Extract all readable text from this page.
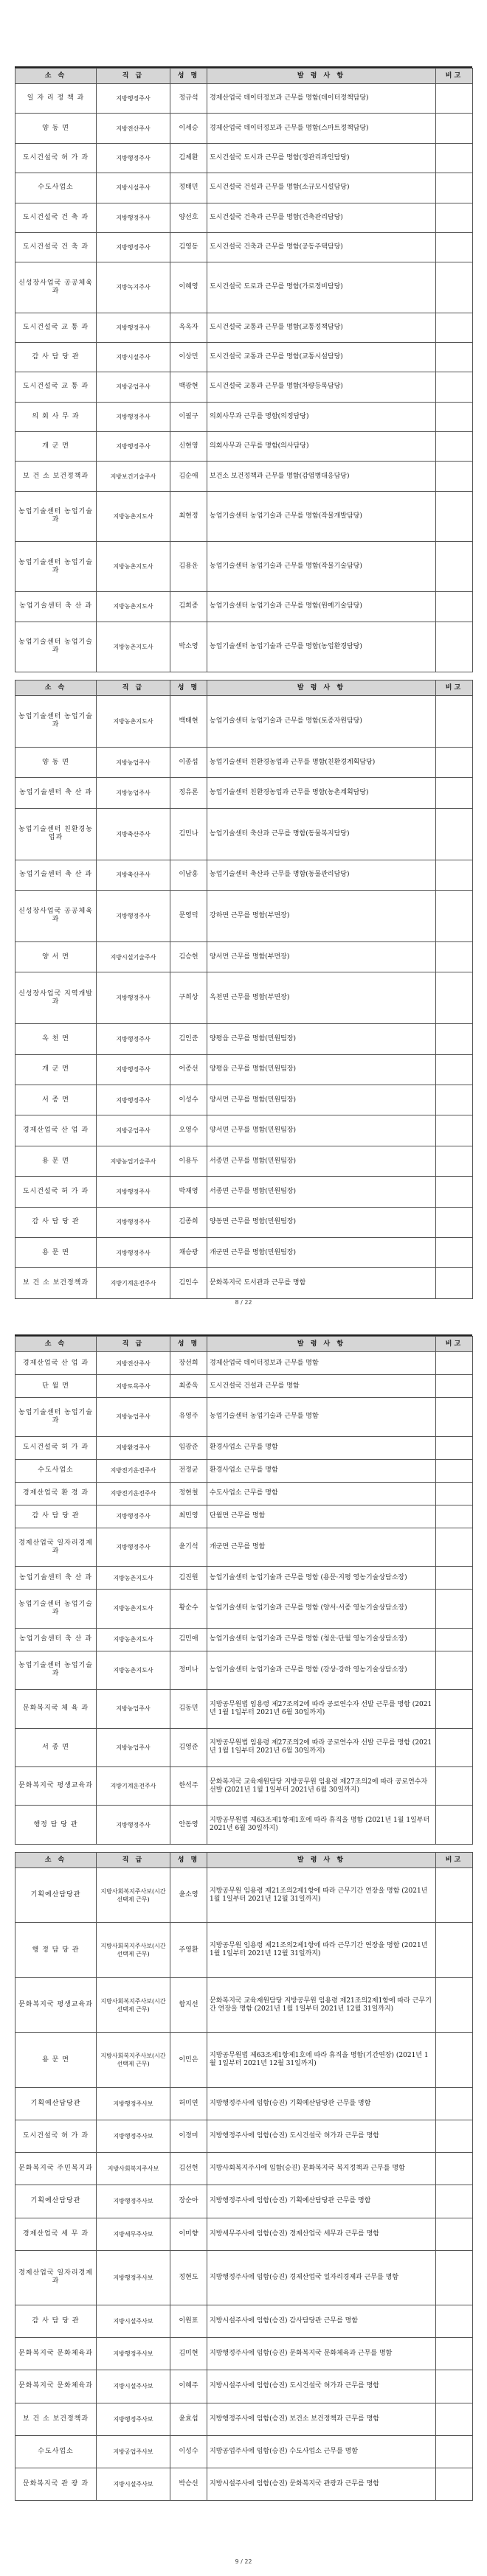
소 속	직 급	성 명	발 령 사 항	비고
일 자 리 정 책 과	지방행정주사	정규석	경제산업국 데이터정보과 근무를 명함(데이터정책담당)	
양 동 면	지방전산주사	이세승	경제산업국 데이터정보과 근무를 명함(스마트정책담당)	
도시건설국 허 가 과	지방행정주사	김제환	도시건설국 도시과 근무를 명함(정관리과인담당)	
수도사업소	지방시설주사	정태민	도시건설국 건설과 근무를 명함(소규모시설담당)	
도시건설국 건 축 과	지방행정주사	양선호	도시건설국 건축과 근무를 명함(건축관리담당)	
도시건설국 건 축 과	지방행정주사	김영동	도시건설국 건축과 근무를 명함(공동주택담당)	
신성장사업국 공공체육과	지방녹지주사	이혜영	도시건설국 도로과 근무를 명함(가로정비담당)	
도시건설국 교 통 과	지방행정주사	옥옥자	도시건설국 교통과 근무를 명함(교통정책담당)	
감 사 담 당 관	지방시설주사	이상민	도시건설국 교통과 근무를 명함(교통시설담당)	
도시건설국 교 통 과	지방공업주사	백광현	도시건설국 교통과 근무를 명함(차량등록담당)	
의 회 사 무 과	지방행정주사	이필구	의회사무과 근무를 명함(의정담당)	
개 군 면	지방행정주사	신현영	의회사무과 근무를 명함(의사담당)	
보 건 소 보건정책과	지방보건기술주사	김순애	보건소 보건정책과 근무를 명함(감염병대응담당)	
농업기술센터 농업기술과	지방농촌지도사	최현정	농업기술센터 농업기술과 근무를 명함(작물개발담당)	
농업기술센터 농업기술과	지방농촌지도사	김용운	농업기술센터 농업기술과 근무를 명함(작물기술담당)	
농업기술센터 축 산 과	지방농촌지도사	김희종	농업기술센터 농업기술과 근무를 명함(원예기술담당)	
농업기술센터 농업기술과	지방농촌지도사	박소영	농업기술센터 농업기술과 근무를 명함(농업환경담당)	
소 속	직 급	성 명	발 령 사 항	비고
농업기술센터 농업기술과	지방농촌지도사	백태현	농업기술센터 농업기술과 근무를 명함(토종자원담당)	
양 동 면	지방농업주사	이종섭	농업기술센터 친환경농업과 근무를 명함(친환경계획담당)	
농업기술센터 축 산 과	지방농업주사	정유론	농업기술센터 친환경농업과 근무를 명함(농촌계획담당)	
농업기술센터 친환경농업과	지방축산주사	김민나	농업기술센터 축산과 근무를 명함(동물복지담당)	
농업기술센터 축 산 과	지방축산주사	이남홍	농업기술센터 축산과 근무를 명함(동물관리담당)	
신성장사업국 공공체육과	지방행정주사	문영덕	강하면 근무를 명함(부면장)	
양 서 면	지방시설기술주사	김승헌	양서면 근무를 명함(부면장)	
신성장사업국 지역개발과	지방행정주사	구희상	옥천면 근무를 명함(부면장)	
옥 천 면	지방행정주사	김인준	양평읍 근무를 명함(민원팀장)	
개 군 면	지방행정주사	어종선	양평읍 근무를 명함(민원팀장)	
서 종 면	지방행정주사	이성수	양서면 근무를 명함(민원팀장)	
경제산업국 산 업 과	지방공업주사	오영수	양서면 근무를 명함(민원팀장)	
용 문 면	지방농업기술주사	이용두	서종면 근무를 명함(민원팀장)	
도시건설국 허 가 과	지방행정주사	박재영	서종면 근무를 명함(민원팀장)	
감 사 담 당 관	지방행정주사	김종희	양동면 근무를 명함(민원팀장)	
용 문 면	지방행정주사	채승광	개군면 근무를 명함(민원팀장)	
보 건 소 보건정책과	지방기계운전주사	김인수	문화복지국 도서관과 근무를 명함	
8 / 22
소 속	직 급	성 명	발 령 사 항	비고
경제산업국 산 업 과	지방전산주사	장선희	경제산업국 데이터정보과 근무를 명함	
단 월 면	지방토목주사	최종욱	도시건설국 건설과 근무를 명함	
농업기술센터 농업기술과	지방농업주사	유영주	농업기술센터 농업기술과 근무를 명함	
도시건설국 허 가 과	지방환경주사	임광준	환경사업소 근무를 명함	
수도사업소	지방전기운전주사	전정균	환경사업소 근무를 명함	
경제산업국 환 경 과	지방전기운전주사	정현철	수도사업소 근무를 명함	
감 사 담 당 관	지방행정주사	최민영	단월면 근무를 명함	
경제산업국 일자리경제과	지방행정주사	윤기석	개군면 근무를 명함	
농업기술센터 축 산 과	지방농촌지도사	김진원	농업기술센터 농업기술과 근무를 명함 (용문·지평 영농기술상담소장)	
농업기술센터 농업기술과	지방농촌지도사	황순수	농업기술센터 농업기술과 근무를 명함 (양서·서종 영농기술상담소장)	
농업기술센터 축 산 과	지방농촌지도사	김민애	농업기술센터 농업기술과 근무를 명함 (청운·단월 영농기술상담소장)	
농업기술센터 농업기술과	지방농촌지도사	정미나	농업기술센터 농업기술과 근무를 명함 (강상·강하 영농기술상담소장)	
문화복지국 체 육 과	지방농업주사	김동민	지방공무원법 임용령 제27조의2에 따라 공로연수자 선발 근무를 명함 (2021년 1월 1일부터 2021년 6월 30일까지)	
서 종 면	지방농업주사	김영준	지방공무원법 임용령 제27조의2에 따라 공로연수자 선발 근무를 명함 (2021년 1월 1일부터 2021년 6월 30일까지)	
문화복지국 평생교육과	지방기계운전주사	한석주	문화복지국 교육재원담당 지방공무원 임용령 제27조의2에 따라 공로연수자 선발 (2021년 1월 1일부터 2021년 6월 30일까지)	
행정 담 당 관	지방행정주사	안동영	지방공무원법 제63조제1항제1호에 따라 휴직을 명함 (2021년 1월 1일부터 2021년 6월 30일까지)	
소 속	직 급	성 명	발 령 사 항	비고
기획예산담당관	지방사회복지주사보(시간선택제 근무)	윤소영	지방공무원 임용령 제21조의2제1항에 따라 근무기간 연장을 명함 (2021년 1월 1일부터 2021년 12월 31일까지)	
행 정 담 당 관	지방사회복지주사보(시간선택제 근무)	주영환	지방공무원 임용령 제21조의2제1항에 따라 근무기간 연장을 명함 (2021년 1월 1일부터 2021년 12월 31일까지)	
문화복지국 평생교육과	지방사회복지주사보(시간선택제 근무)	함지선	문화복지국 교육재원담당 지방공무원 임용령 제21조의2제1항에 따라 근무기간 연장을 명함 (2021년 1월 1일부터 2021년 12월 31일까지)	
용 문 면	지방사회복지주사보(시간선택제 근무)	이민은	지방공무원법 제63조제1항제1호에 따라 휴직을 명함(기간연장) (2021년 1월 1일부터 2021년 12월 31일까지)	
기획예산담당관	지방행정주사보	허미연	지방행정주사에 임함(승진) 기획예산담당관 근무를 명함	
도시건설국 허 가 과	지방행정주사보	이정미	지방행정주사에 임함(승진) 도시건설국 허가과 근무를 명함	
문화복지국 주민복지과	지방사회복지주사보	김선헌	지방사회복지주사에 임함(승진) 문화복지국 복지정책과 근무를 명함	
기획예산담당관	지방행정주사보	장순아	지방행정주사에 임함(승진) 기획예산담당관 근무를 명함	
경제산업국 세 무 과	지방세무주사보	이미향	지방세무주사에 임함(승진) 경제산업국 세무과 근무를 명함	
경제산업국 일자리경제과	지방행정주사보	정현도	지방행정주사에 임함(승진) 경제산업국 일자리경제과 근무를 명함	
감 사 담 당 관	지방시설주사보	이원표	지방시설주사에 임함(승진) 감사담당관 근무를 명함	
문화복지국 문화체육과	지방행정주사보	김미현	지방행정주사에 임함(승진) 문화복지국 문화체육과 근무를 명함	
문화복지국 문화체육과	지방시설주사보	이혜주	지방시설주사에 임함(승진) 도시건설국 허가과 근무를 명함	
보 건 소 보건정책과	지방행정주사보	윤효섭	지방행정주사에 임함(승진) 보건소 보건정책과 근무를 명함	
수도사업소	지방공업주사보	이성수	지방공업주사에 임함(승진) 수도사업소 근무를 명함	
문화복지국 관 광 과	지방시설주사보	박승선	지방시설주사에 임함(승진) 문화복지국 관광과 근무를 명함	
9 / 22
